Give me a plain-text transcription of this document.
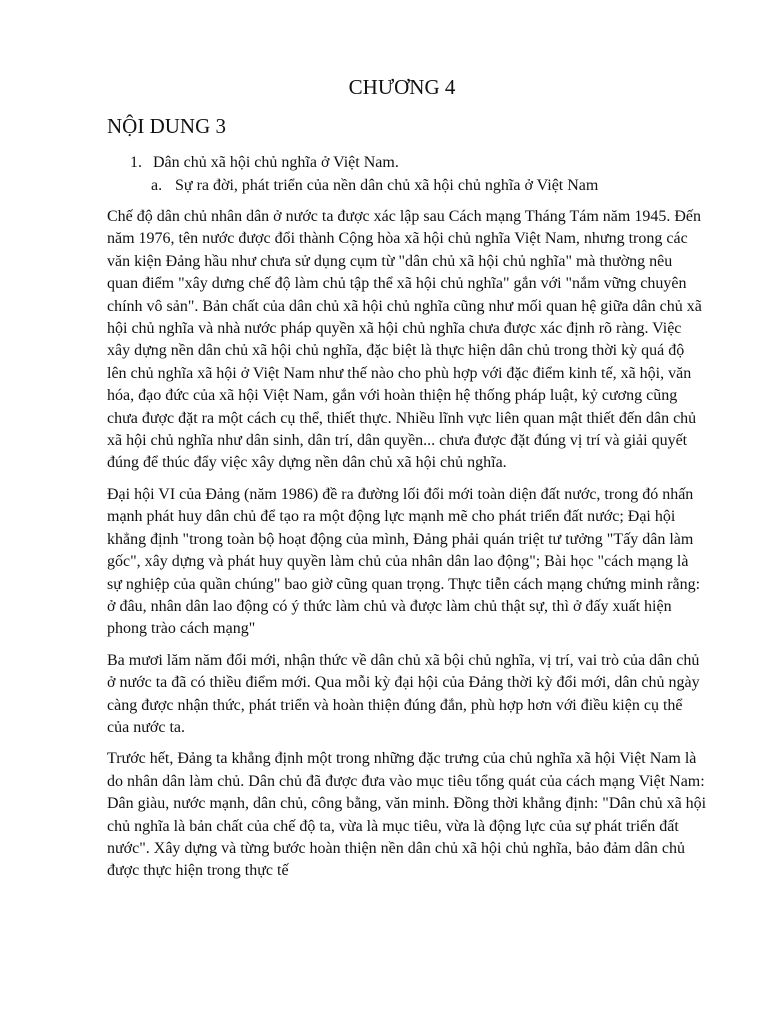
CHƯƠNG 4
NỘI DUNG 3
1. Dân chủ xã hội chủ nghĩa ở Việt Nam.
a. Sự ra đời, phát triển của nền dân chủ xã hội chủ nghĩa ở Việt Nam

Chế độ dân chủ nhân dân ở nước ta được xác lập sau Cách mạng Tháng Tám năm 1945. Đến năm 1976, tên nước được đổi thành Cộng hòa xã hội chủ nghĩa Việt Nam, nhưng trong các văn kiện Đảng hầu như chưa sử dụng cụm từ "dân chủ xã hội chủ nghĩa" mà thường nêu quan điểm "xây dưng chế độ làm chủ tập thể xã hội chủ nghĩa" gắn với "nắm vững chuyên chính vô sản". Bản chất của dân chủ xã hội chủ nghĩa cũng như mối quan hệ giữa dân chủ xã hội chủ nghĩa và nhà nước pháp quyền xã hội chủ nghĩa chưa được xác định rõ ràng. Việc xây dựng nền dân chủ xã hội chủ nghĩa, đặc biệt là thực hiện dân chủ trong thời kỳ quá độ lên chủ nghĩa xã hội ở Việt Nam như thế nào cho phù hợp với đặc điểm kinh tế, xã hội, văn hóa, đạo đức của xã hội Việt Nam, gắn với hoàn thiện hệ thống pháp luật, kỷ cương cũng chưa được đặt ra một cách cụ thể, thiết thực. Nhiều lĩnh vực liên quan mật thiết đến dân chủ xã hội chủ nghĩa như dân sinh, dân trí, dân quyền... chưa được đặt đúng vị trí và giải quyết đúng để thúc đẩy việc xây dựng nền dân chủ xã hội chủ nghĩa.

Đại hội VI của Đảng (năm 1986) đề ra đường lối đổi mới toàn diện đất nước, trong đó nhấn mạnh phát huy dân chủ để tạo ra một động lực mạnh mẽ cho phát triển đất nước; Đại hội khẳng định "trong toàn bộ hoạt động của mình, Đảng phải quán triệt tư tưởng "Tấy dân làm gốc", xây dựng và phát huy quyền làm chủ của nhân dân lao động"; Bài học "cách mạng là sự nghiệp của quần chúng" bao giờ cũng quan trọng. Thực tiễn cách mạng chứng minh rằng: ở đâu, nhân dân lao động có ý thức làm chủ và được làm chủ thật sự, thì ở đấy xuất hiện phong trào cách mạng"

Ba mươi lăm năm đổi mới, nhận thức về dân chủ xã bội chủ nghĩa, vị trí, vai trò của dân chủ ở nước ta đã có thiều điểm mới. Qua mỗi kỳ đại hội của Đảng thời kỳ đổi mới, dân chủ ngày càng được nhận thức, phát triển và hoàn thiện đúng đắn, phù hợp hơn với điều kiện cụ thể của nước ta.

Trước hết, Đảng ta khẳng định một trong những đặc trưng của chủ nghĩa xã hội Việt Nam là do nhân dân làm chủ. Dân chủ đã được đưa vào mục tiêu tổng quát của cách mạng Việt Nam: Dân giàu, nước mạnh, dân chủ, công bằng, văn minh. Đồng thời khẳng định: "Dân chủ xã hội chủ nghĩa là bản chất của chế độ ta, vừa là mục tiêu, vừa là động lực của sự phát triển đất nước". Xây dựng và từng bước hoàn thiện nền dân chủ xã hội chủ nghĩa, bảo đảm dân chủ được thực hiện trong thực tế
